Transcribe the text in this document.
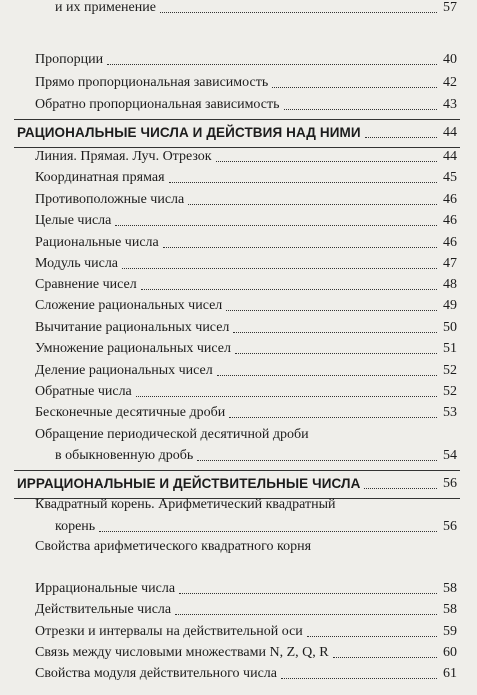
Пропорции	40
Прямо пропорциональная зависимость	42
Обратно пропорциональная зависимость	43
РАЦИОНАЛЬНЫЕ ЧИСЛА И ДЕЙСТВИЯ НАД НИМИ	44
Линия. Прямая. Луч. Отрезок	44
Координатная прямая	45
Противоположные числа	46
Целые числа	46
Рациональные числа	46
Модуль числа	47
Сравнение чисел	48
Сложение рациональных чисел	49
Вычитание рациональных чисел	50
Умножение рациональных чисел	51
Деление рациональных чисел	52
Обратные числа	52
Бесконечные десятичные дроби	53
Обращение периодической десятичной дроби
в обыкновенную дробь	54
ИРРАЦИОНАЛЬНЫЕ И ДЕЙСТВИТЕЛЬНЫЕ ЧИСЛА	56
Квадратный корень. Арифметический квадратный
корень	56
Свойства арифметического квадратного корня
и их применение	57
Иррациональные числа	58
Действительные числа	58
Отрезки и интервалы на действительной оси	59
Связь между числовыми множествами N, Z, Q, R	60
Свойства модуля действительного числа	61
